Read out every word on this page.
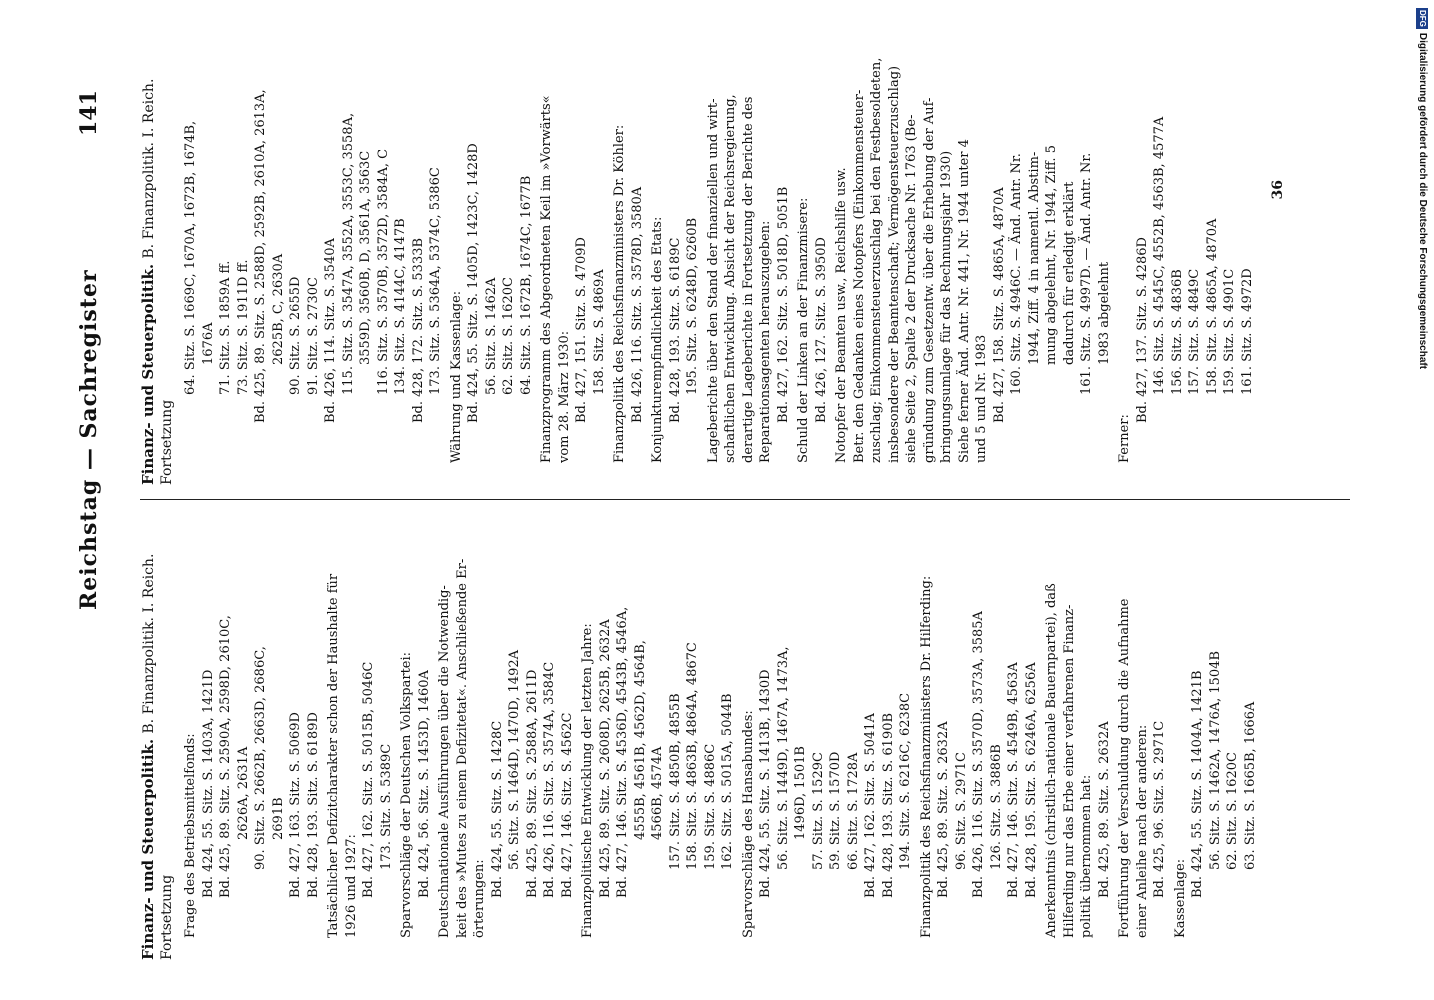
Reichstag — Sachregister
141
Finanz- und Steuerpolitik. B. Finanzpolitik. I. Reich.
Fortsetzung Frage des Betriebsmittelfonds: Bd. 424, 55. Sitz. S. 1403A, 1421D Bd. 425, 89. Sitz. S. 2590A, 2598D, 2610C, 2626A, 2631A 90. Sitz. S. 2662B, 2663D, 2686C, 2691B Bd. 427, 163. Sitz. S. 5069D Bd. 428, 193. Sitz. S. 6189D Tatsächlicher Defizitcharakter schon der Haushalte für 1926 und 1927: Bd. 427, 162. Sitz. S. 5015B, 5046C 173. Sitz. S. 5389C Sparvorschläge der Deutschen Volkspartei: Bd. 424, 56. Sitz. S. 1453D, 1460A Deutschnationale Ausführungen über die Notwendig- keit des »Mutes zu einem Defizitetat«. Anschließende Er- örterungen:
Bd. 424, 55. Sitz. S. 1428C 56. Sitz. S. 1464D, 1470D, 1492A Bd. 425, 89. Sitz. S. 2588A, 2611D Bd. 426, 116. Sitz. S. 3574A, 3584C Bd. 427, 146. Sitz. S. 4562C Finanzpolitische Entwicklung der letzten Jahre: Bd. 425, 89. Sitz. S. 2608D, 2625B, 2632A Bd. 427, 146. Sitz. S. 4536D, 4543B, 4546A, 4555B, 4561B, 4562D, 4564B, 4566B, 4574A 157. Sitz. S. 4850B, 4855B 158. Sitz. S. 4863B, 4864A, 4867C 159. Sitz. S. 4886C 162. Sitz. S. 5015A, 5044B Sparvorschläge des Hansabundes: Bd. 424, 55. Sitz. S. 1413B, 1430D 56. Sitz. S. 1449D, 1467A, 1473A, 1496D, 1501B 57. Sitz. S. 1529C 59. Sitz. S. 1570D 66. Sitz. S. 1728A Bd. 427, 162. Sitz. S. 5041A Bd. 428, 193. Sitz. S. 6190B 194. Sitz. S. 6216C, 6238C Finanzpolitik des Reichsfinanzministers Dr. Hilferding: Bd. 425, 89. Sitz. S. 2632A 96. Sitz. S. 2971C Bd. 426, 116. Sitz. S. 3570D, 3573A, 3585A 126. Sitz. S. 3886B Bd. 427, 146. Sitz. S. 4549B, 4563A Bd. 428, 195. Sitz. S. 6246A, 6256A Anerkenntnis (christlich-nationale Bauernpartei), daß Hilferding nur das Erbe einer verfahrenen Finanz- politik übernommen hat: Bd. 425, 89. Sitz. S. 2632A Fortführung der Verschuldung durch die Aufnahme einer Anleihe nach der anderen: Bd. 425, 96. Sitz. S. 2971C
Kassenlage:
Bd. 424, 55. Sitz. S. 1404A, 1421B 56. Sitz. S. 1462A, 1476A, 1504B 62. Sitz. S. 1620C 63. Sitz. S. 1665B, 1666A
Finanz- und Steuerpolitik. B. Finanzpolitik. I. Reich.
Fortsetzung
64. Sitz. S. 1669C, 1670A, 1672B, 1674B, 1676A 71. Sitz. S. 1859A ff. 73. Sitz. S. 1911D ff. Bd. 425, 89. Sitz. S. 2588D, 2592B, 2610A, 2613A, 2625B, C, 2630A 90. Sitz. S. 2655D 91. Sitz. S. 2730C Bd. 426, 114. Sitz. S. 3540A 115. Sitz. S. 3547A, 3552A, 3553C, 3558A, 3559D, 3560B, D, 3561A, 3563C 116. Sitz. S. 3570B, 3572D, 3584A, C 134. Sitz. S. 4144C, 4147B Bd. 428, 172. Sitz. S. 5333B 173. Sitz. S. 5364A, 5374C, 5386C Währung und Kassenlage: Bd. 424, 55. Sitz. S. 1405D, 1423C, 1428D 56. Sitz. S. 1462A 62. Sitz. S. 1620C 64. Sitz. S. 1672B, 1674C, 1677B Finanzprogramm des Abgeordneten Keil im »Vorwärts« vom 28. März 1930: Bd. 427, 151. Sitz. S. 4709D 158. Sitz. S. 4869A Finanzpolitik des Reichsfinanzministers Dr. Köhler: Bd. 426, 116. Sitz. S. 3578D, 3580A Konjunkturempfindlichkeit des Etats: Bd. 428, 193. Sitz. S. 6189C 195. Sitz. S. 6248D, 6260B Lageberichte über den Stand der finanziellen und wirt- schaftlichen Entwicklung. Absicht der Reichsregierung, derartige Lageberichte in Fortsetzung der Berichte des Reparationsagenten herauszugeben: Bd. 427, 162. Sitz. S. 5018D, 5051B Schuld der Linken an der Finanzmisere: Bd. 426, 127. Sitz. S. 3950D Notopfer der Beamten usw., Reichshilfe usw. Betr. den Gedanken eines Notopfers (Einkommensteuer- zuschlag; Einkommensteuerzuschlag bei den Festbesoldeten, insbesondere der Beamtenschaft; Vermögensteuerzuschlag) siehe Seite 2, Spalte 2 der Drucksache Nr. 1763 (Be- gründung zum Gesetzentw. über die Erhebung der Auf- bringungsumlage für das Rechnungsjahr 1930) Siehe ferner Änd. Antr. Nr. 441, Nr. 1944 unter 4 und 5 und Nr. 1983 Bd. 427, 158. Sitz. S. 4865A, 4870A 160. Sitz. S. 4946C. — Änd. Antr. Nr. 1944, Ziff. 4 in namentl. Abstim- mung abgelehnt, Nr. 1944, Ziff. 5 dadurch für erledigt erklärt 161. Sitz. S. 4997D. — Änd. Antr. Nr. 1983 abgelehnt
Ferner:
Bd. 427, 137. Sitz. S. 4286D 146. Sitz. S. 4545C, 4552B, 4563B, 4577A 156. Sitz. S. 4836B 157. Sitz. S. 4849C 158. Sitz. S. 4865A, 4870A 159. Sitz. S. 4901C 161. Sitz. S. 4972D
36
DFG
Digitalisierung gefördert durch die Deutsche Forschungsgemeinschaft
